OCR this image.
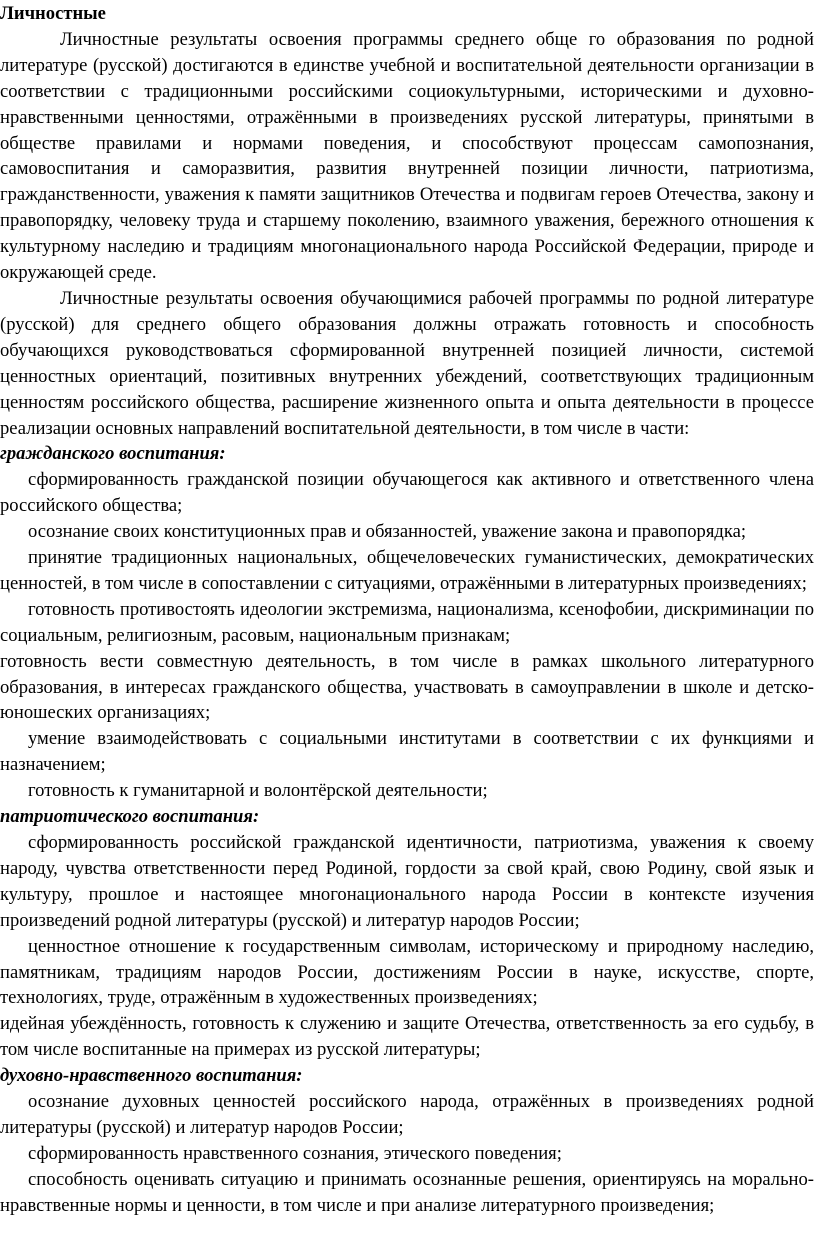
Личностные

Личностные результаты освоения программы среднего обще го образования по родной литературе (русской) достигаются в единстве учебной и воспитательной деятельности организации в соответствии с традиционными российскими социокультурными, историческими и духовно-нравственными ценностями, отражёнными в произведениях русской литературы, принятыми в обществе правилами и нормами поведения, и способствуют процессам самопознания, самовоспитания и саморазвития, развития внутренней позиции личности, патриотизма, гражданственности, уважения к памяти защитников Отечества и подвигам героев Отечества, закону и правопорядку, человеку труда и старшему поколению, взаимного уважения, бережного отношения к культурному наследию и традициям многонационального народа Российской Федерации, природе и окружающей среде.

Личностные результаты освоения обучающимися рабочей программы по родной литературе (русской) для среднего общего образования должны отражать готовность и способность обучающихся руководствоваться сформированной внутренней позицией личности, системой ценностных ориентаций, позитивных внутренних убеждений, соответствующих традиционным ценностям российского общества, расширение жизненного опыта и опыта деятельности в процессе реализации основных направлений воспитательной деятельности, в том числе в части:

гражданского воспитания:

сформированность гражданской позиции обучающегося как активного и ответственного члена российского общества;

осознание своих конституционных прав и обязанностей, уважение закона и правопорядка;

принятие традиционных национальных, общечеловеческих гуманистических, демократических ценностей, в том числе в сопоставлении с ситуациями, отражёнными в литературных произведениях;

готовность противостоять идеологии экстремизма, национализма, ксенофобии, дискриминации по социальным, религиозным, расовым, национальным признакам;

готовность вести совместную деятельность, в том числе в рамках школьного литературного образования, в интересах гражданского общества, участвовать в самоуправлении в школе и детско-юношеских организациях;

умение взаимодействовать с социальными институтами в соответствии с их функциями и назначением;

готовность к гуманитарной и волонтёрской деятельности;

патриотического воспитания:

сформированность российской гражданской идентичности, патриотизма, уважения к своему народу, чувства ответственности перед Родиной, гордости за свой край, свою Родину, свой язык и культуру, прошлое и настоящее многонационального народа России в контексте изучения произведений родной литературы (русской) и литератур народов России;

ценностное отношение к государственным символам, историческому и природному наследию, памятникам, традициям народов России, достижениям России в науке, искусстве, спорте, технологиях, труде, отражённым в художественных произведениях;

идейная убеждённость, готовность к служению и защите Отечества, ответственность за его судьбу, в том числе воспитанные на примерах из русской литературы;

духовно-нравственного воспитания:

осознание духовных ценностей российского народа, отражённых в произведениях родной литературы (русской) и литератур народов России;

сформированность нравственного сознания, этического поведения;

способность оценивать ситуацию и принимать осознанные решения, ориентируясь на морально-нравственные нормы и ценности, в том числе и при анализе литературного произведения;
